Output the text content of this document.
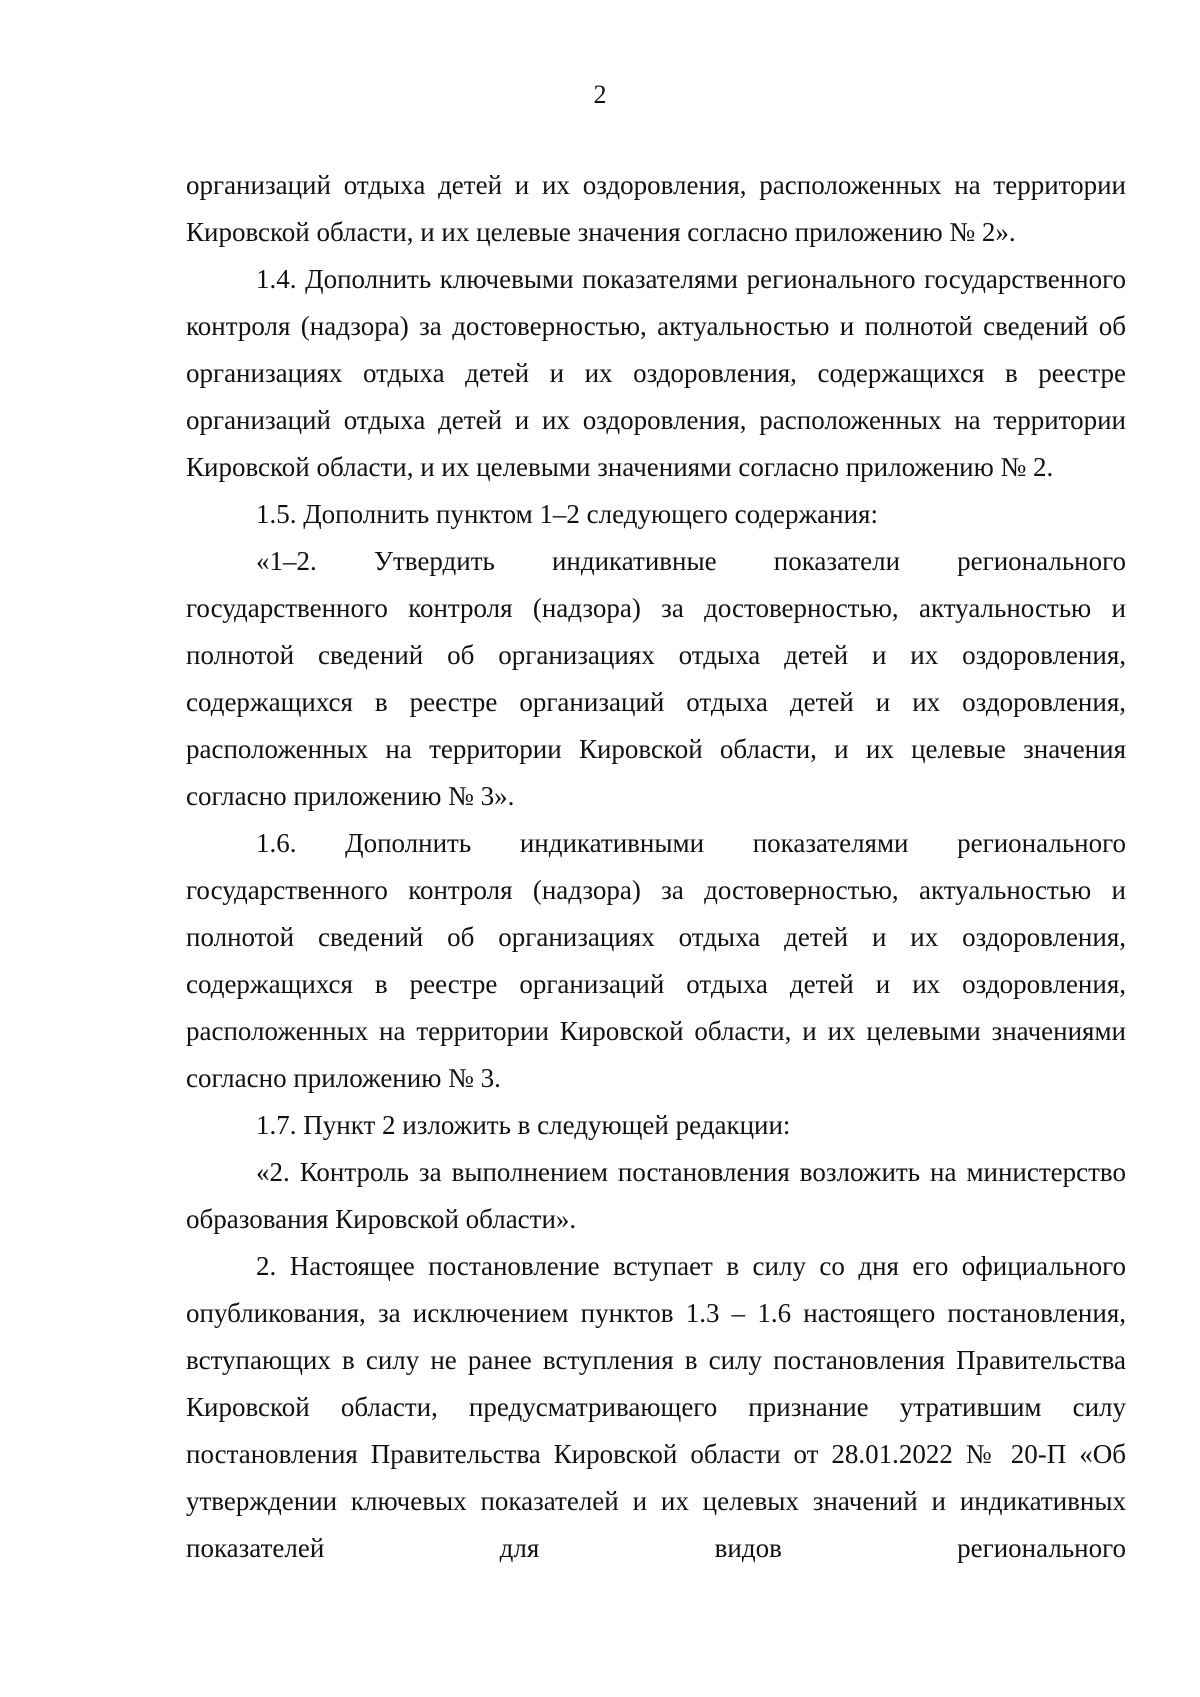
2

организаций отдыха детей и их оздоровления, расположенных на территории Кировской области, и их целевые значения согласно приложению № 2».

1.4. Дополнить ключевыми показателями регионального государственного контроля (надзора) за достоверностью, актуальностью и полнотой сведений об организациях отдыха детей и их оздоровления, содержащихся в реестре организаций отдыха детей и их оздоровления, расположенных на территории Кировской области, и их целевыми значениями согласно приложению № 2.

1.5. Дополнить пунктом 1–2 следующего содержания:

«1–2. Утвердить индикативные показатели регионального государственного контроля (надзора) за достоверностью, актуальностью и полнотой сведений об организациях отдыха детей и их оздоровления, содержащихся в реестре организаций отдыха детей и их оздоровления, расположенных на территории Кировской области, и их целевые значения согласно приложению № 3».

1.6. Дополнить индикативными показателями регионального государственного контроля (надзора) за достоверностью, актуальностью и полнотой сведений об организациях отдыха детей и их оздоровления, содержащихся в реестре организаций отдыха детей и их оздоровления, расположенных на территории Кировской области, и их целевыми значениями согласно приложению № 3.

1.7. Пункт 2 изложить в следующей редакции:

«2. Контроль за выполнением постановления возложить на министерство образования Кировской области».

2. Настоящее постановление вступает в силу со дня его официального опубликования, за исключением пунктов 1.3 – 1.6 настоящего постановления, вступающих в силу не ранее вступления в силу постановления Правительства Кировской области, предусматривающего признание утратившим силу постановления Правительства Кировской области от 28.01.2022 № 20-П «Об утверждении ключевых показателей и их целевых значений и индикативных показателей для видов регионального
